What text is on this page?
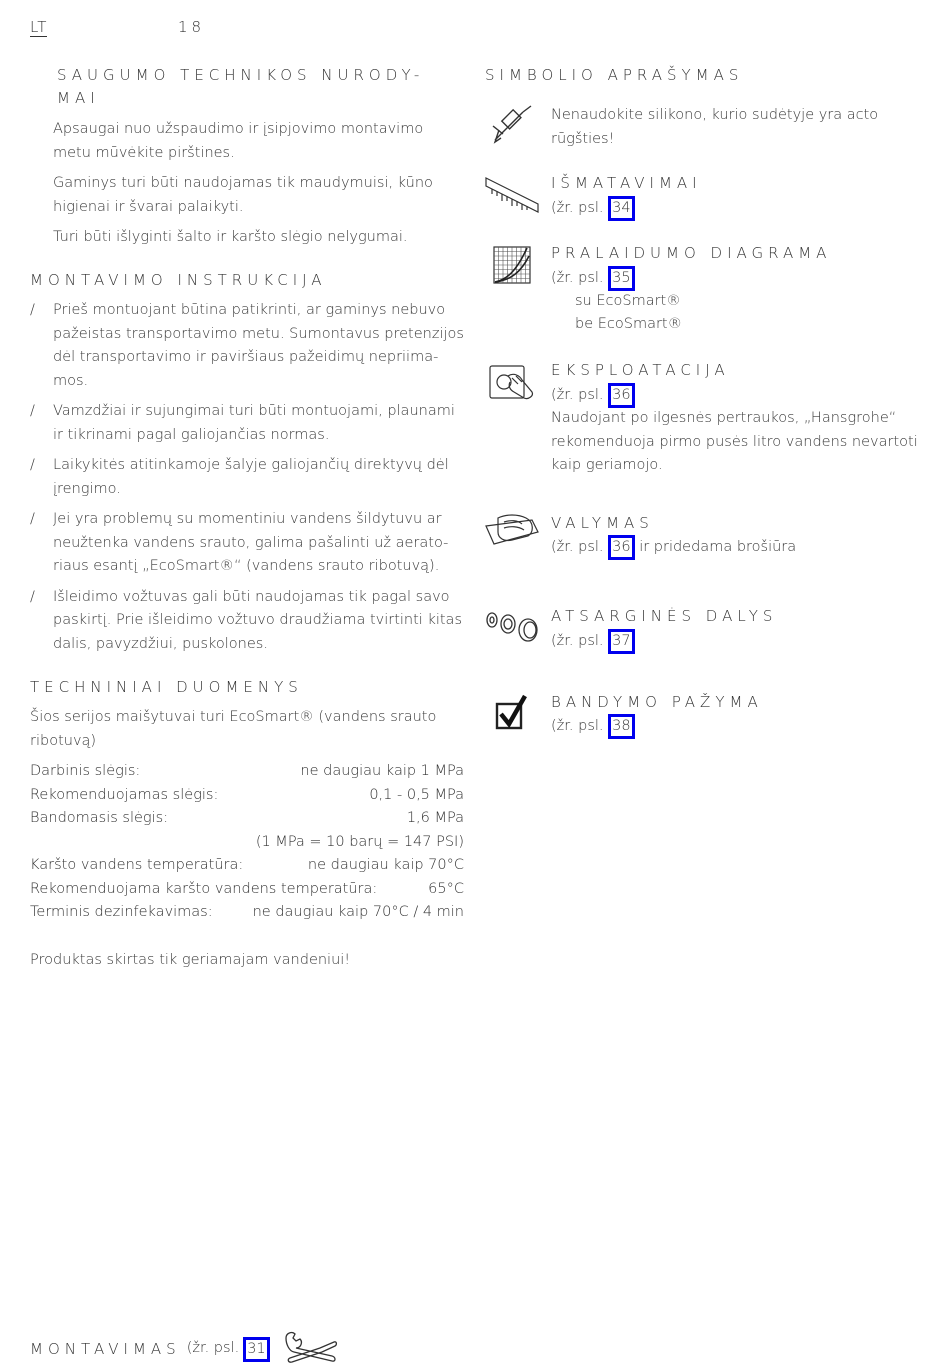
LT	18
SAUGUMO TECHNIKOS NURODY-
MAI

Apsaugai nuo užspaudimo ir įsipjovimo montavimo metu mūvėkite pirštines.

Gaminys turi būti naudojamas tik maudymuisi, kūno higienai ir švarai palaikyti.

Turi būti išlyginti šalto ir karšto slėgio nelygumai.

MONTAVIMO INSTRUKCIJA
/ Prieš montuojant būtina patikrinti, ar gaminys nebuvo pažeistas transportavimo metu. Sumontavus pretenzijos dėl transportavimo ir paviršiaus pažeidimų nepriima-mos.
/ Vamzdžiai ir sujungimai turi būti montuojami, plaunami ir tikrinami pagal galiojančias normas.
/ Laikykitės atitinkamoje šalyje galiojančių direktyvų dėl įrengimo.
/ Jei yra problemų su momentiniu vandens šildytuvu ar neužtenka vandens srauto, galima pašalinti už aerato-riaus esantį „EcoSmart®“ (vandens srauto ribotuvą).
/ Išleidimo vožtuvas gali būti naudojamas tik pagal savo paskirtį. Prie išleidimo vožtuvo draudžiama tvirtinti kitas dalis, pavyzdžiui, puskolones.
TECHNINIAI DUOMENYS
Šios serijos maišytuvai turi EcoSmart® (vandens srauto ribotuvą)
Darbinis slėgis:	ne daugiau kaip 1 MPa
Rekomenduojamas slėgis:	0,1 - 0,5 MPa
Bandomasis slėgis:	1,6 MPa
(1 MPa = 10 barų = 147 PSI)
Karšto vandens temperatūra:	ne daugiau kaip 70°C
Rekomenduojama karšto vandens temperatūra:	65°C
Terminis dezinfekavimas:	ne daugiau kaip 70°C / 4 min
Produktas skirtas tik geriamajam vandeniui!
SIMBOLIO APRAŠYMAS
Nenaudokite silikono, kurio sudėtyje yra acto rūgšties!
IŠMATAVIMAI
(žr. psl. 34
PRALAIDUMO DIAGRAMA
(žr. psl. 35
su EcoSmart®
be EcoSmart®
EKSPLOATACIJA
(žr. psl. 36
Naudojant po ilgesnės pertraukos, „Hansgrohe“ rekomenduoja pirmo pusės litro vandens nevartoti kaip geriamojo.
VALYMAS
(žr. psl. 36 ir pridedama brošiūra
ATSARGINĖS DALYS
(žr. psl. 37
BANDYMO PAŽYMA
(žr. psl. 38
MONTAVIMAS (žr. psl. 31
